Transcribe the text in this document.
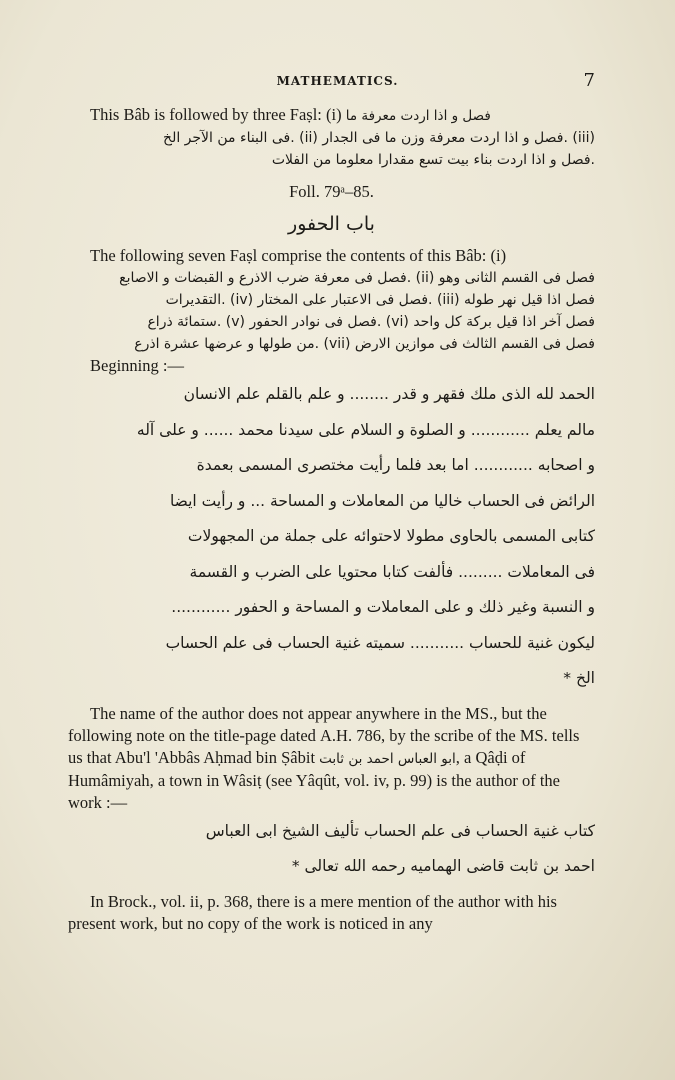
MATHEMATICS.	7

This Bâb is followed by three Faṣl: (i) فصل و اذا اردت معرفة ما

(iii) .فصل و اذا اردت معرفة وزن ما فى الجدار (ii) .فى البناء من الآجر الخ

.فصل و اذا اردت بناء بيت تسع مقدارا معلوما من الفلات

Foll. 79ᵃ–85.

باب الحفور

The following seven Faṣl comprise the contents of this Bâb: (i)

فصل فى القسم الثانى وهو (ii) .فصل فى معرفة ضرب الاذرع و القبضات و الاصابع

فصل اذا قيل نهر طوله (iii) .فصل فى الاعتبار على المختار (iv) .التقديرات

فصل آخر اذا قيل بركة كل واحد (vi) .فصل فى نوادر الحفور (v) .ستمائة ذراع

فصل فى القسم الثالث فى موازين الارض (vii) .من طولها و عرضها عشرة اذرع

Beginning :—

الحمد لله الذى ملك فقهر و قدر ........ و علم بالقلم علم الانسان

مالم يعلم ............ و الصلوة و السلام على سيدنا محمد ...... و على آله

و اصحابه ............ اما بعد فلما رأيت مختصرى المسمى بعمدة

الرائض فى الحساب خاليا من المعاملات و المساحة ... و رأيت ايضا

كتابى المسمى بالحاوى مطولا لاحتوائه على جملة من المجهولات

فى المعاملات ......... فألفت كتابا محتويا على الضرب و القسمة

و النسبة وغير ذلك و على المعاملات و المساحة و الحفور ............

ليكون غنية للحساب ........... سميته غنية الحساب فى علم الحساب

الخ *

The name of the author does not appear anywhere in the MS., but the following note on the title-page dated A.H. 786, by the scribe of the MS. tells us that Abu'l 'Abbâs Aḥmad bin Ṣâbit ابو العباس احمد بن ثابت, a Qâḍi of Humâmiyah, a town in Wâsiṭ (see Yâqût, vol. iv, p. 99) is the author of the work :—

كتاب غنية الحساب فى علم الحساب تأليف الشيخ ابى العباس

احمد بن ثابت قاضى الهماميه رحمه الله تعالى *

In Brock., vol. ii, p. 368, there is a mere mention of the author with his present work, but no copy of the work is noticed in any
